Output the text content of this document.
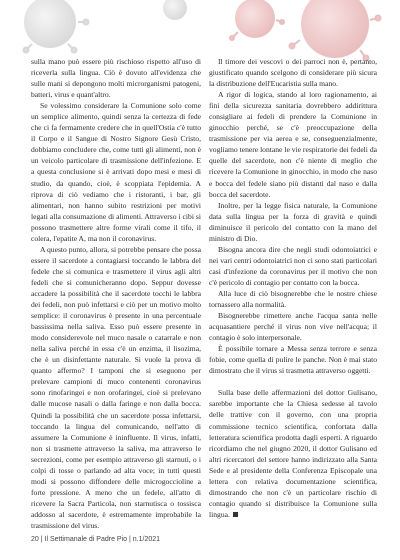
sulla mano può essere più rischioso rispetto all'uso di riceverla sulla lingua. Ciò è dovuto all'evidenza che sulle mani si depongono molti microrganismi patogeni, batteri, virus e quant'altro.

Se volessimo considerare la Comunione solo come un semplice alimento, quindi senza la certezza di fede che ci fa fermamente credere che in quell'Ostia c'è tutto il Corpo e il Sangue di Nostro Signore Gesù Cristo, dobbiamo concludere che, come tutti gli alimenti, non è un veicolo particolare di trasmissione dell'infezione. E a questa conclusione si è arrivati dopo mesi e mesi di studio, da quando, cioè, è scoppiata l'epidemia. A riprova di ciò vediamo che i ristoranti, i bar, gli alimentari, non hanno subito restrizioni per motivi legati alla consumazione di alimenti. Attraverso i cibi si possono trasmettere altre forme virali come il tifo, il colera, l'epatite A, ma non il coronavirus.

A questo punto, allora, si potrebbe pensare che possa essere il sacerdote a contagiarsi toccando le labbra del fedele che si comunica e trasmettere il virus agli altri fedeli che si comunicheranno dopo. Seppur dovesse accadere la possibilità che il sacerdote tocchi le labbra dei fedeli, non può infettarsi e ciò per un motivo molto semplice: il coronavirus è presente in una percentuale bassissima nella saliva. Esso può essere presente in modo considerevole nel muco nasale o catarrale e non nella saliva perché in essa c'è un enzima, il lisozima, che è un disinfettante naturale. Si vuole la prova di quanto affermo? I tamponi che si eseguono per prelevare campioni di muco contenenti coronavirus sono rinofaringei e non orofaringei, cioè si prelevano dalle mucose nasali o dalla faringe e non dalla bocca. Quindi la possibilità che un sacerdote possa infettarsi, toccando la lingua del comunicando, nell'atto di assumere la Comunione è ininfluente. Il virus, infatti, non si trasmette attraverso la saliva, ma attraverso le secrezioni, come per esempio attraverso gli starnuti, o i colpi di tosse o parlando ad alta voce; in tutti questi modi si possono diffondere delle microgoccioline a forte pressione. A meno che un fedele, all'atto di ricevere la Sacra Particola, non starnutisca o tossisca addosso al sacerdote, è estremamente improbabile la trasmissione del virus.

Il timore dei vescovi o dei parroci non è, pertanto, giustificato quando scelgono di considerare più sicura la distribuzione dell'Eucaristia sulla mano.

A rigor di logica, stando al loro ragionamento, ai fini della sicurezza sanitaria dovrebbero addirittura consigliare ai fedeli di prendere la Comunione in ginocchio perché, se c'è preoccupazione della trasmissione per via aerea e se, conseguenzialmente, vogliamo tenere lontane le vie respiratorie dei fedeli da quelle del sacerdote, non c'è niente di meglio che ricevere la Comunione in ginocchio, in modo che naso e bocca del fedele siano più distanti dal naso e dalla bocca del sacerdote.

Inoltre, per la legge fisica naturale, la Comunione data sulla lingua per la forza di gravità e quindi diminuisce il pericolo del contatto con la mano del ministro di Dio.

Bisogna ancora dire che negli studi odontoiatrici e nei vari centri odontoiatrici non ci sono stati particolari casi d'infezione da coronavirus per il motivo che non c'è pericolo di contagio per contatto con la bocca.

Alla luce di ciò bisognerebbe che le nostre chiese tornassero alla normalità.

Bisognerebbe rimettere anche l'acqua santa nelle acquasantiere perché il virus non vive nell'acqua; il contagio è solo interpersonale.

È possibile tornare a Messa senza terrore e senza fobie, come quella di pulire le panche. Non è mai stato dimostrato che il virus si trasmetta attraverso oggetti.

Sulla base delle affermazioni del dottor Gulisano, sarebbe importante che la Chiesa sedesse al tavolo delle trattive con il governo, con una propria commissione tecnico scientifica, confortata dalla letteratura scientifica prodotta dagli esperti. A riguardo ricordiamo che nel giugno 2020, il dottor Gulisano ed altri ricercatori del settore hanno indirizzato alla Santa Sede e al presidente della Conferenza Episcopale una lettera con relativa documentazione scientifica, dimostrando che non c'è un particolare rischio di contagio quando si distribuisce la Comunione sulla lingua.

20 | Il Settimanale di Padre Pio | n.1/2021
